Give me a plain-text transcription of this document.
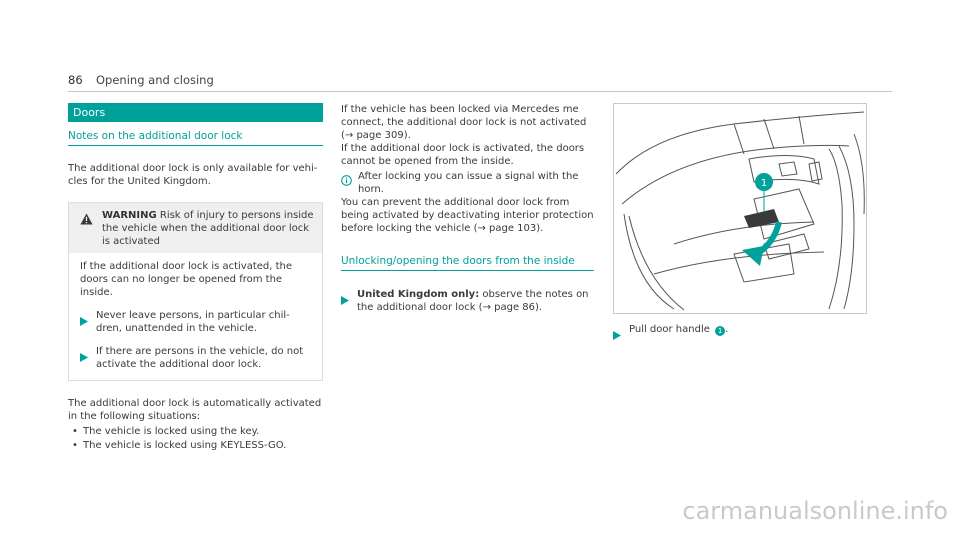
86 Opening and closing
Doors
Notes on the additional door lock

The additional door lock is only available for vehi- cles for the United Kingdom.

WARNING Risk of injury to persons inside the vehicle when the additional door lock is activated

If the additional door lock is activated, the doors can no longer be opened from the inside.

Never leave persons, in particular chil- dren, unattended in the vehicle.
If there are persons in the vehicle, do not activate the additional door lock.

The additional door lock is automatically activated in the following situations:

• The vehicle is locked using the key.
• The vehicle is locked using KEYLESS-GO.

If the vehicle has been locked via Mercedes me connect, the additional door lock is not activated (→ page 309).

If the additional door lock is activated, the doors cannot be opened from the inside.

After locking you can issue a signal with the horn.

You can prevent the additional door lock from being activated by deactivating interior protection before locking the vehicle (→ page 103).

Unlocking/opening the doors from the inside
United Kingdom only: observe the notes on the additional door lock (→ page 86).
1
Pull door handle 1 .
carmanualsonline.info
